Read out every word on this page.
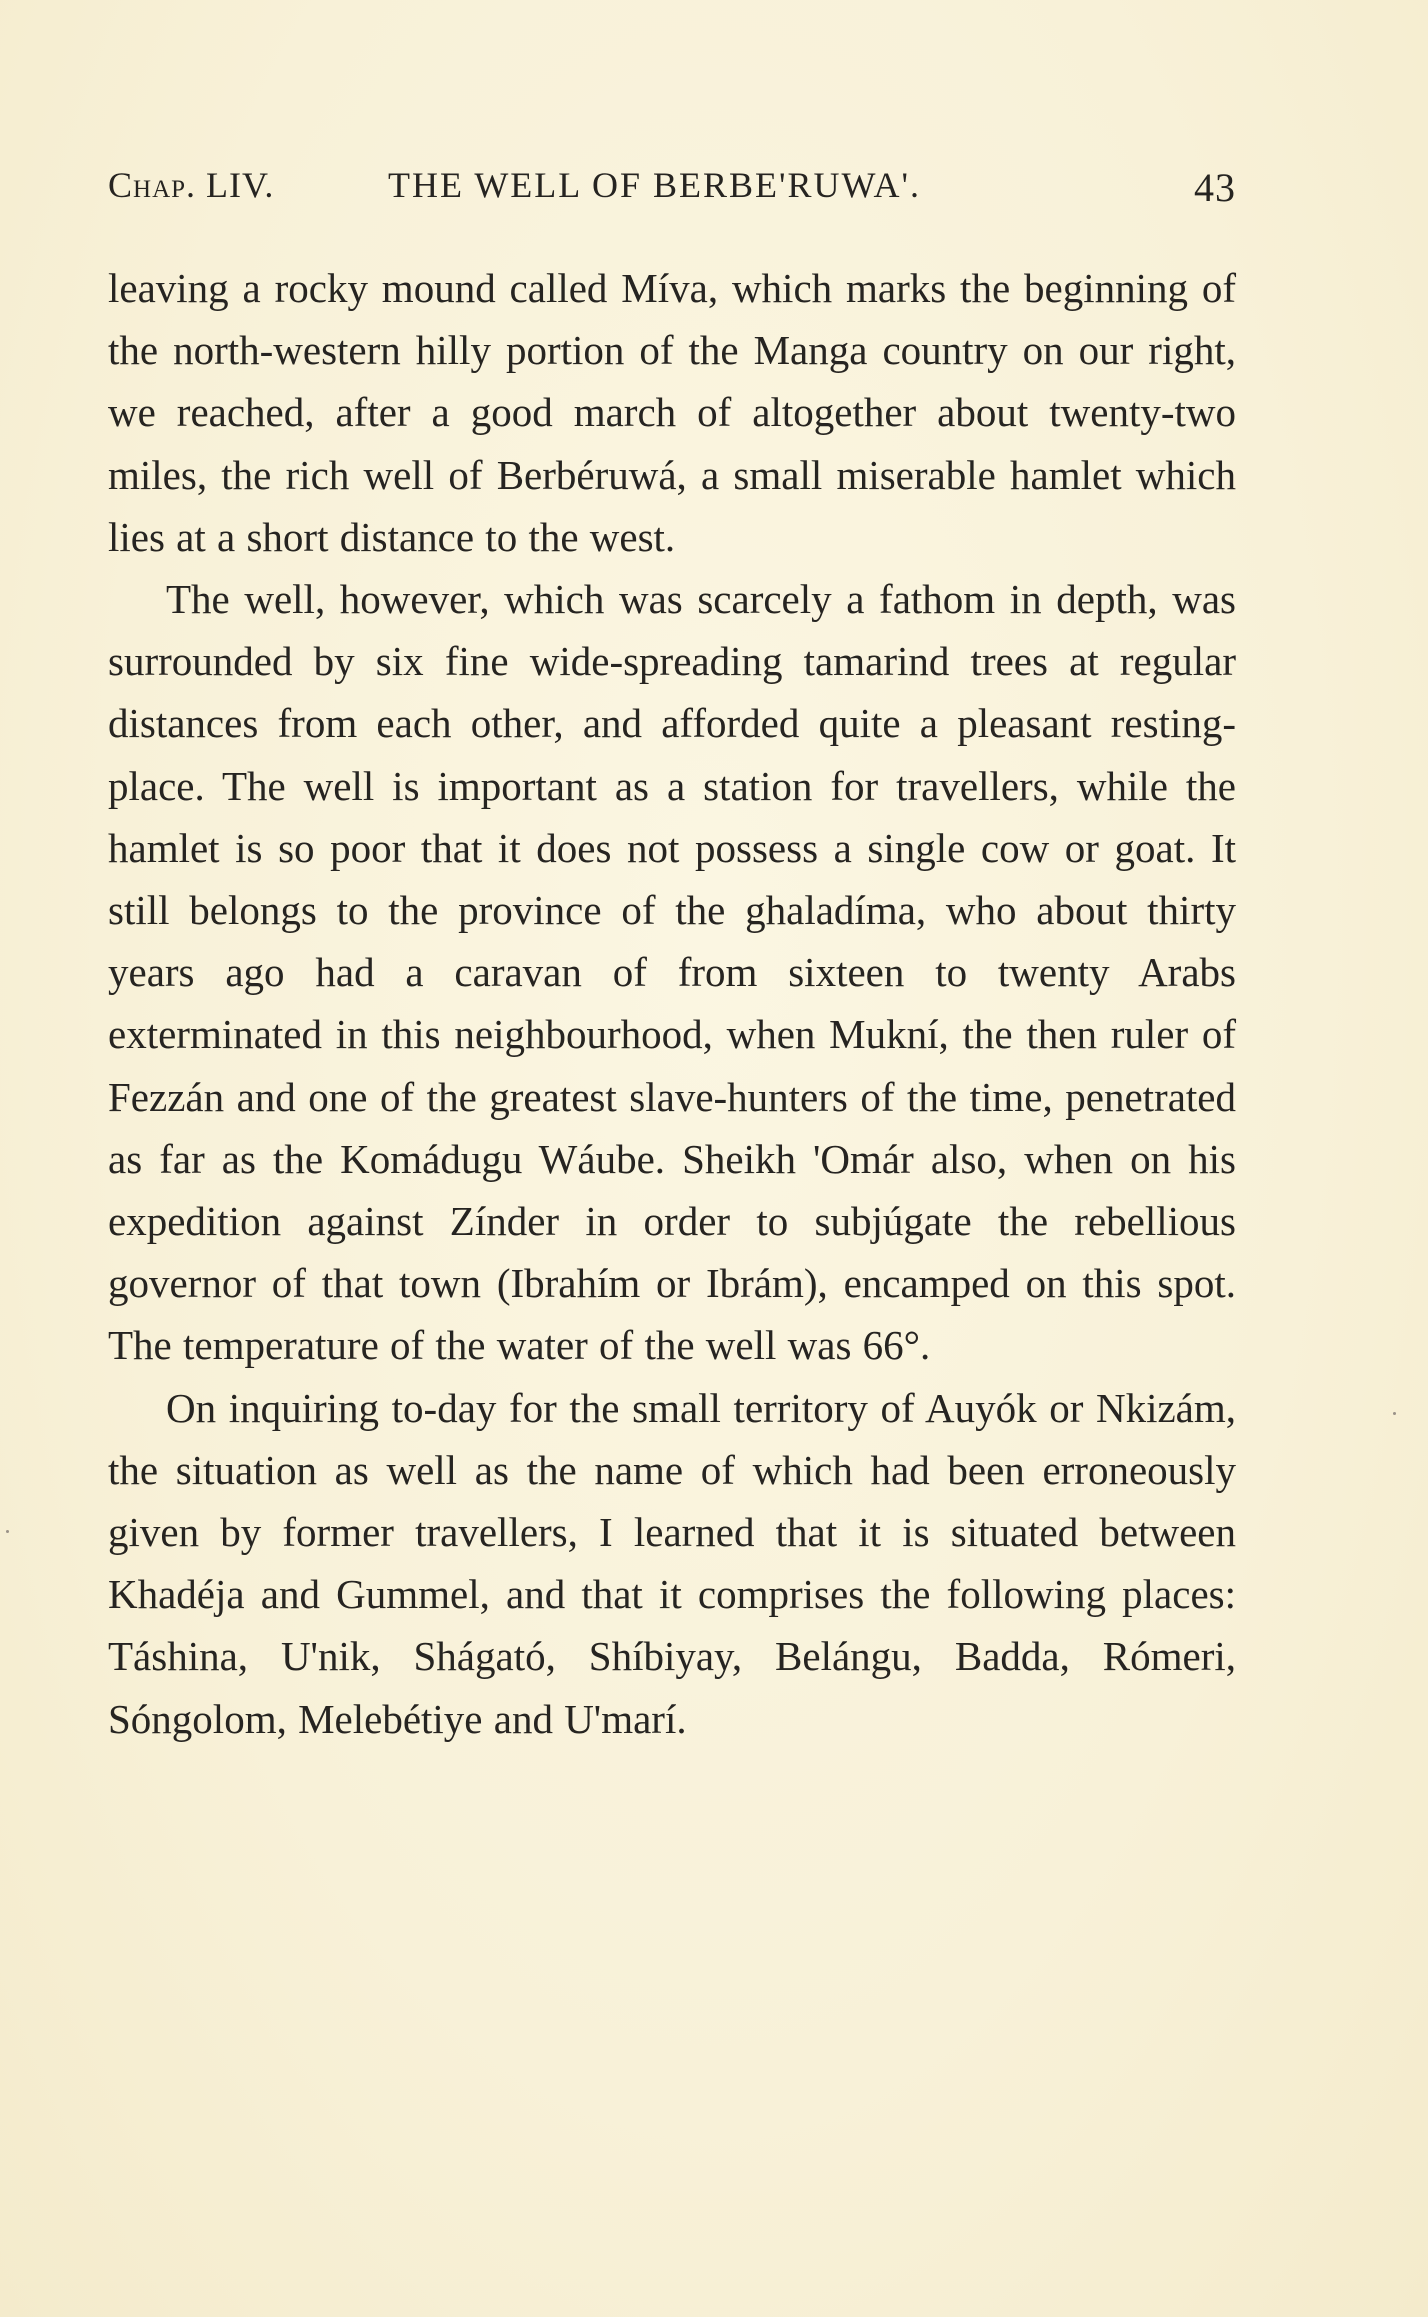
Chap. LIV.	THE WELL OF BERBE'RUWA'.	43

leaving a rocky mound called Míva, which marks the beginning of the north-western hilly portion of the Manga country on our right, we reached, after a good march of altogether about twenty-two miles, the rich well of Berbéruwá, a small miserable hamlet which lies at a short distance to the west.

The well, however, which was scarcely a fathom in depth, was surrounded by six fine wide-spreading tamarind trees at regular distances from each other, and afforded quite a pleasant resting-place. The well is important as a station for travellers, while the hamlet is so poor that it does not possess a single cow or goat. It still belongs to the province of the ghaladíma, who about thirty years ago had a caravan of from sixteen to twenty Arabs exterminated in this neighbourhood, when Mukní, the then ruler of Fezzán and one of the greatest slave-hunters of the time, penetrated as far as the Komádugu Wáube. Sheikh 'Omár also, when on his expedition against Zínder in order to subjúgate the rebellious governor of that town (Ibrahím or Ibrám), encamped on this spot. The temperature of the water of the well was 66°.

On inquiring to-day for the small territory of Auyók or Nkizám, the situation as well as the name of which had been erroneously given by former travellers, I learned that it is situated between Khadéja and Gummel, and that it comprises the following places: Táshina, U'nik, Shágató, Shíbiyay, Belángu, Badda, Rómeri, Sóngolom, Melebétiye and U'marí.
